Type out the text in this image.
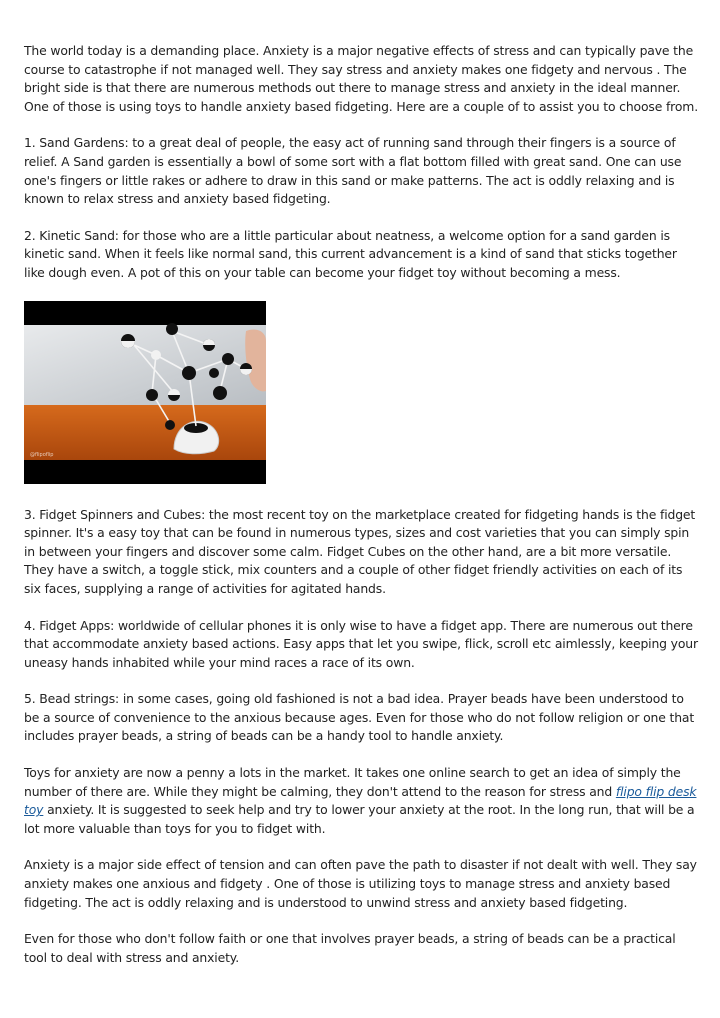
The world today is a demanding place. Anxiety is a major negative effects of stress and can typically pave the course to catastrophe if not managed well. They say stress and anxiety makes one fidgety and nervous . The bright side is that there are numerous methods out there to manage stress and anxiety in the ideal manner. One of those is using toys to handle anxiety based fidgeting. Here are a couple of to assist you to choose from.

1. Sand Gardens: to a great deal of people, the easy act of running sand through their fingers is a source of relief. A Sand garden is essentially a bowl of some sort with a flat bottom filled with great sand. One can use one's fingers or little rakes or adhere to draw in this sand or make patterns. The act is oddly relaxing and is known to relax stress and anxiety based fidgeting.

2. Kinetic Sand: for those who are a little particular about neatness, a welcome option for a sand garden is kinetic sand. When it feels like normal sand, this current advancement is a kind of sand that sticks together like dough even. A pot of this on your table can become your fidget toy without becoming a mess.

@flipoflip

3. Fidget Spinners and Cubes: the most recent toy on the marketplace created for fidgeting hands is the fidget spinner. It's a easy toy that can be found in numerous types, sizes and cost varieties that you can simply spin in between your fingers and discover some calm. Fidget Cubes on the other hand, are a bit more versatile. They have a switch, a toggle stick, mix counters and a couple of other fidget friendly activities on each of its six faces, supplying a range of activities for agitated hands.

4. Fidget Apps: worldwide of cellular phones it is only wise to have a fidget app. There are numerous out there that accommodate anxiety based actions. Easy apps that let you swipe, flick, scroll etc aimlessly, keeping your uneasy hands inhabited while your mind races a race of its own.

5. Bead strings: in some cases, going old fashioned is not a bad idea. Prayer beads have been understood to be a source of convenience to the anxious because ages. Even for those who do not follow religion or one that includes prayer beads, a string of beads can be a handy tool to handle anxiety.

Toys for anxiety are now a penny a lots in the market. It takes one online search to get an idea of simply the number of there are. While they might be calming, they don't attend to the reason for stress and flipo flip desk toy anxiety. It is suggested to seek help and try to lower your anxiety at the root. In the long run, that will be a lot more valuable than toys for you to fidget with.

Anxiety is a major side effect of tension and can often pave the path to disaster if not dealt with well. They say anxiety makes one anxious and fidgety . One of those is utilizing toys to manage stress and anxiety based fidgeting. The act is oddly relaxing and is understood to unwind stress and anxiety based fidgeting.

Even for those who don't follow faith or one that involves prayer beads, a string of beads can be a practical tool to deal with stress and anxiety.
